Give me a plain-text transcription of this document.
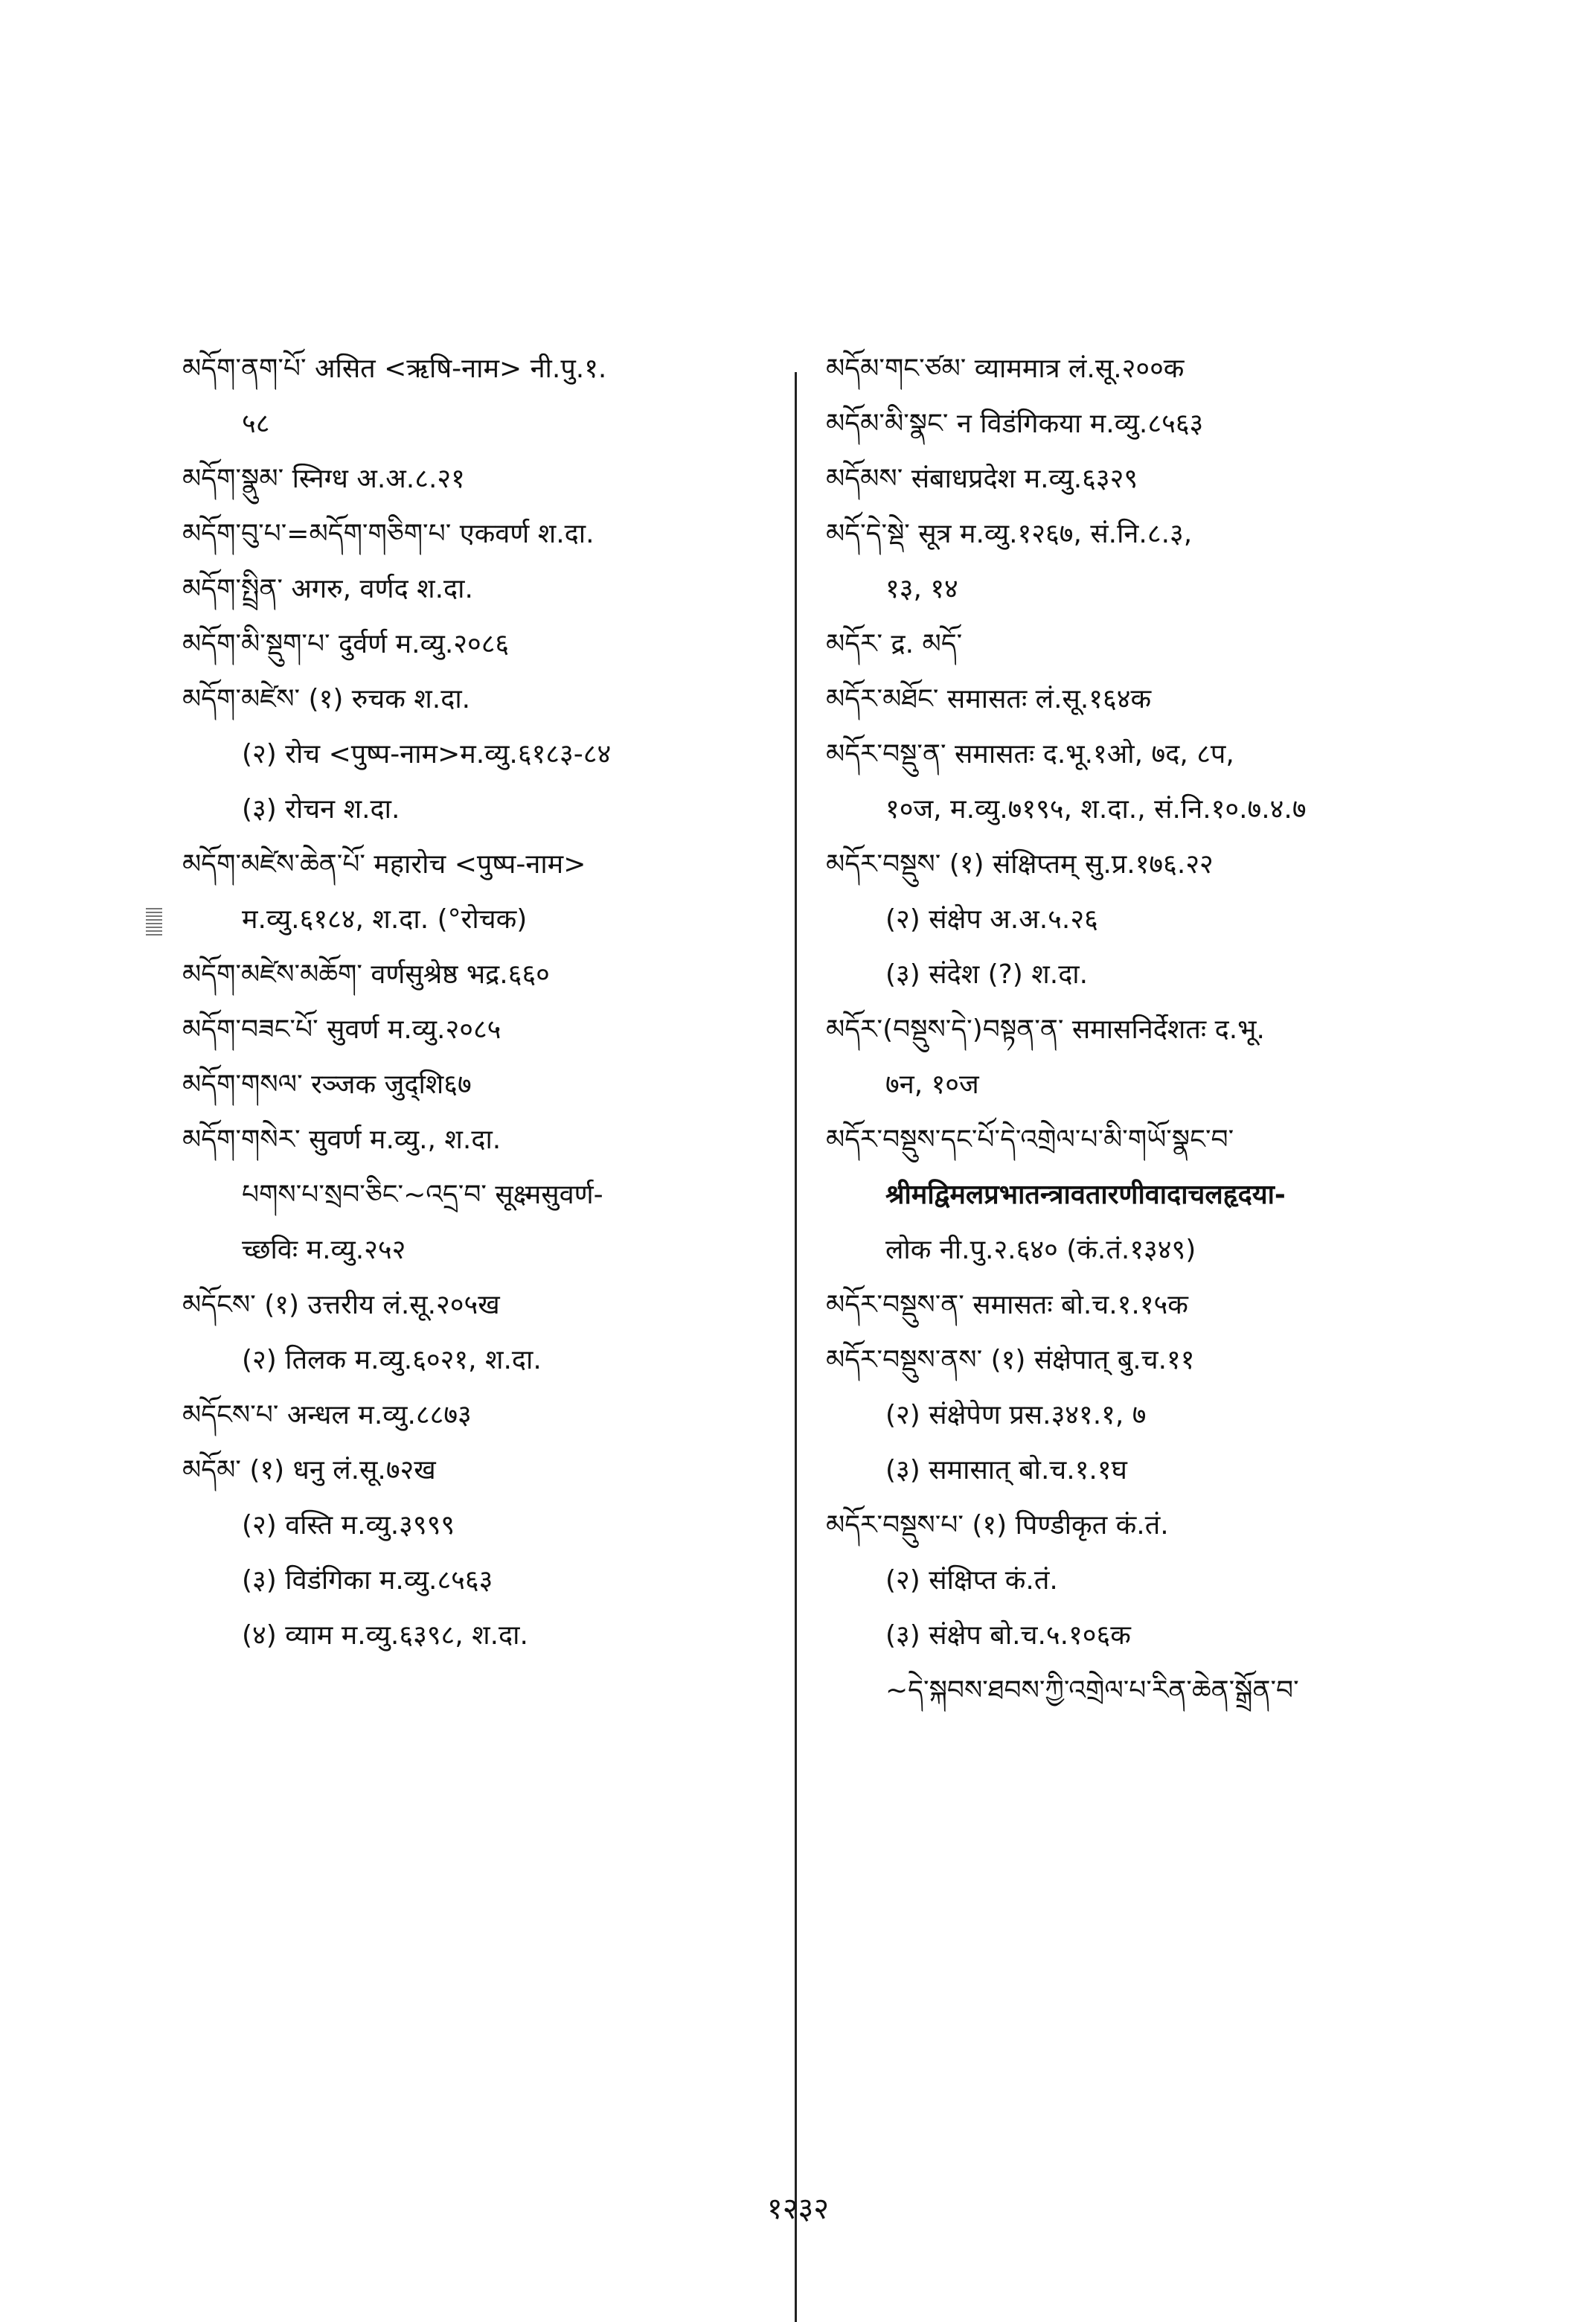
མདོག་ནག་པོ་ असित <ऋषि-नाम> नी.पु.१.
५८
མདོག་སྣུམ་ स्निग्ध अ.अ.८.२१
མདོག་བུ་པ་=མདོག་གཅིག་པ་ एकवर्ण श.दा.
མདོག་སྤྲིན་ अगरु, वर्णद श.दा.
མདོག་མི་སྡུག་པ་ दुर्वर्ण म.व्यु.२०८६
མདོག་མཛེས་ (१) रुचक श.दा.
(२) रोच <पुष्प-नाम>म.व्यु.६१८३-८४
(३) रोचन श.दा.
མདོག་མཛེས་ཆེན་པོ་ महारोच <पुष्प-नाम>
म.व्यु.६१८४, श.दा. (°रोचक)
མདོག་མཛེས་མཆོག་ वर्णसुश्रेष्ठ भद्र.६६०
མདོག་བཟང་པོ་ सुवर्ण म.व्यु.२०८५
མདོག་གསལ་ रञ्जक जुद्शि६७
མདོག་གསེར་ सुवर्ण म.व्यु., श.दा.
པགས་པ་སྲབ་ཅིང་~འདྲ་བ་ सूक्ष्मसुवर्ण-
च्छविः म.व्यु.२५२
མདོངས་ (१) उत्तरीय लं.सू.२०५ख
(२) तिलक म.व्यु.६०२१, श.दा.
མདོངས་པ་ अन्धल म.व्यु.८८७३
མདོམ་ (१) धनु लं.सू.७२ख
(२) वस्ति म.व्यु.३९९९
(३) विडंगिका म.व्यु.८५६३
(४) व्याम म.व्यु.६३९८, श.दा.
མདོམ་གང་ཙམ་ व्याममात्र लं.सू.२००क
མདོམ་མི་སྣང་ न विडंगिकया म.व्यु.८५६३
མདོམས་ संबाधप्रदेश म.व्यु.६३२९
མདོ་དེ་སྡེ་ सूत्र म.व्यु.१२६७, सं.नि.८.३,
१३, १४
མདོར་ द्र. མདོ་
མདོར་མཐོང་ समासतः लं.सू.१६४क
མདོར་བསྡུ་ན་ समासतः द.भू.१ओ, ७द, ८प,
१०ज, म.व्यु.७१९५, श.दा., सं.नि.१०.७.४.७
མདོར་བསྡུས་ (१) संक्षिप्तम् सु.प्र.१७६.२२
(२) संक्षेप अ.अ.५.२६
(३) संदेश (?) श.दा.
མདོར་(བསྡུས་དེ་)བསྟན་ན་ समासनिर्देशतः द.भू.
७न, १०ज
མདོར་བསྡུས་དང་པོ་དེ་འགྲེལ་པ་མི་གཡོ་སྣང་བ་
श्रीमद्विमलप्रभातन्त्रावतारणीवादाचलहृदया-
लोक नी.पु.२.६४० (कं.तं.१३४९)
མདོར་བསྡུས་ན་ समासतः बो.च.१.१५क
མདོར་བསྡུས་ནས་ (१) संक्षेपात् बु.च.११
(२) संक्षेपेण प्रस.३४१.१, ७
(३) समासात् बो.च.१.१घ
མདོར་བསྡུས་པ་ (१) पिण्डीकृत कं.तं.
(२) संक्षिप्त कं.तं.
(३) संक्षेप बो.च.५.१०६क
~དེ་སྐབས་ཐབས་ཀྱི་འགྲེལ་པ་རིན་ཆེན་སྒྲོན་བ་
१२३२
